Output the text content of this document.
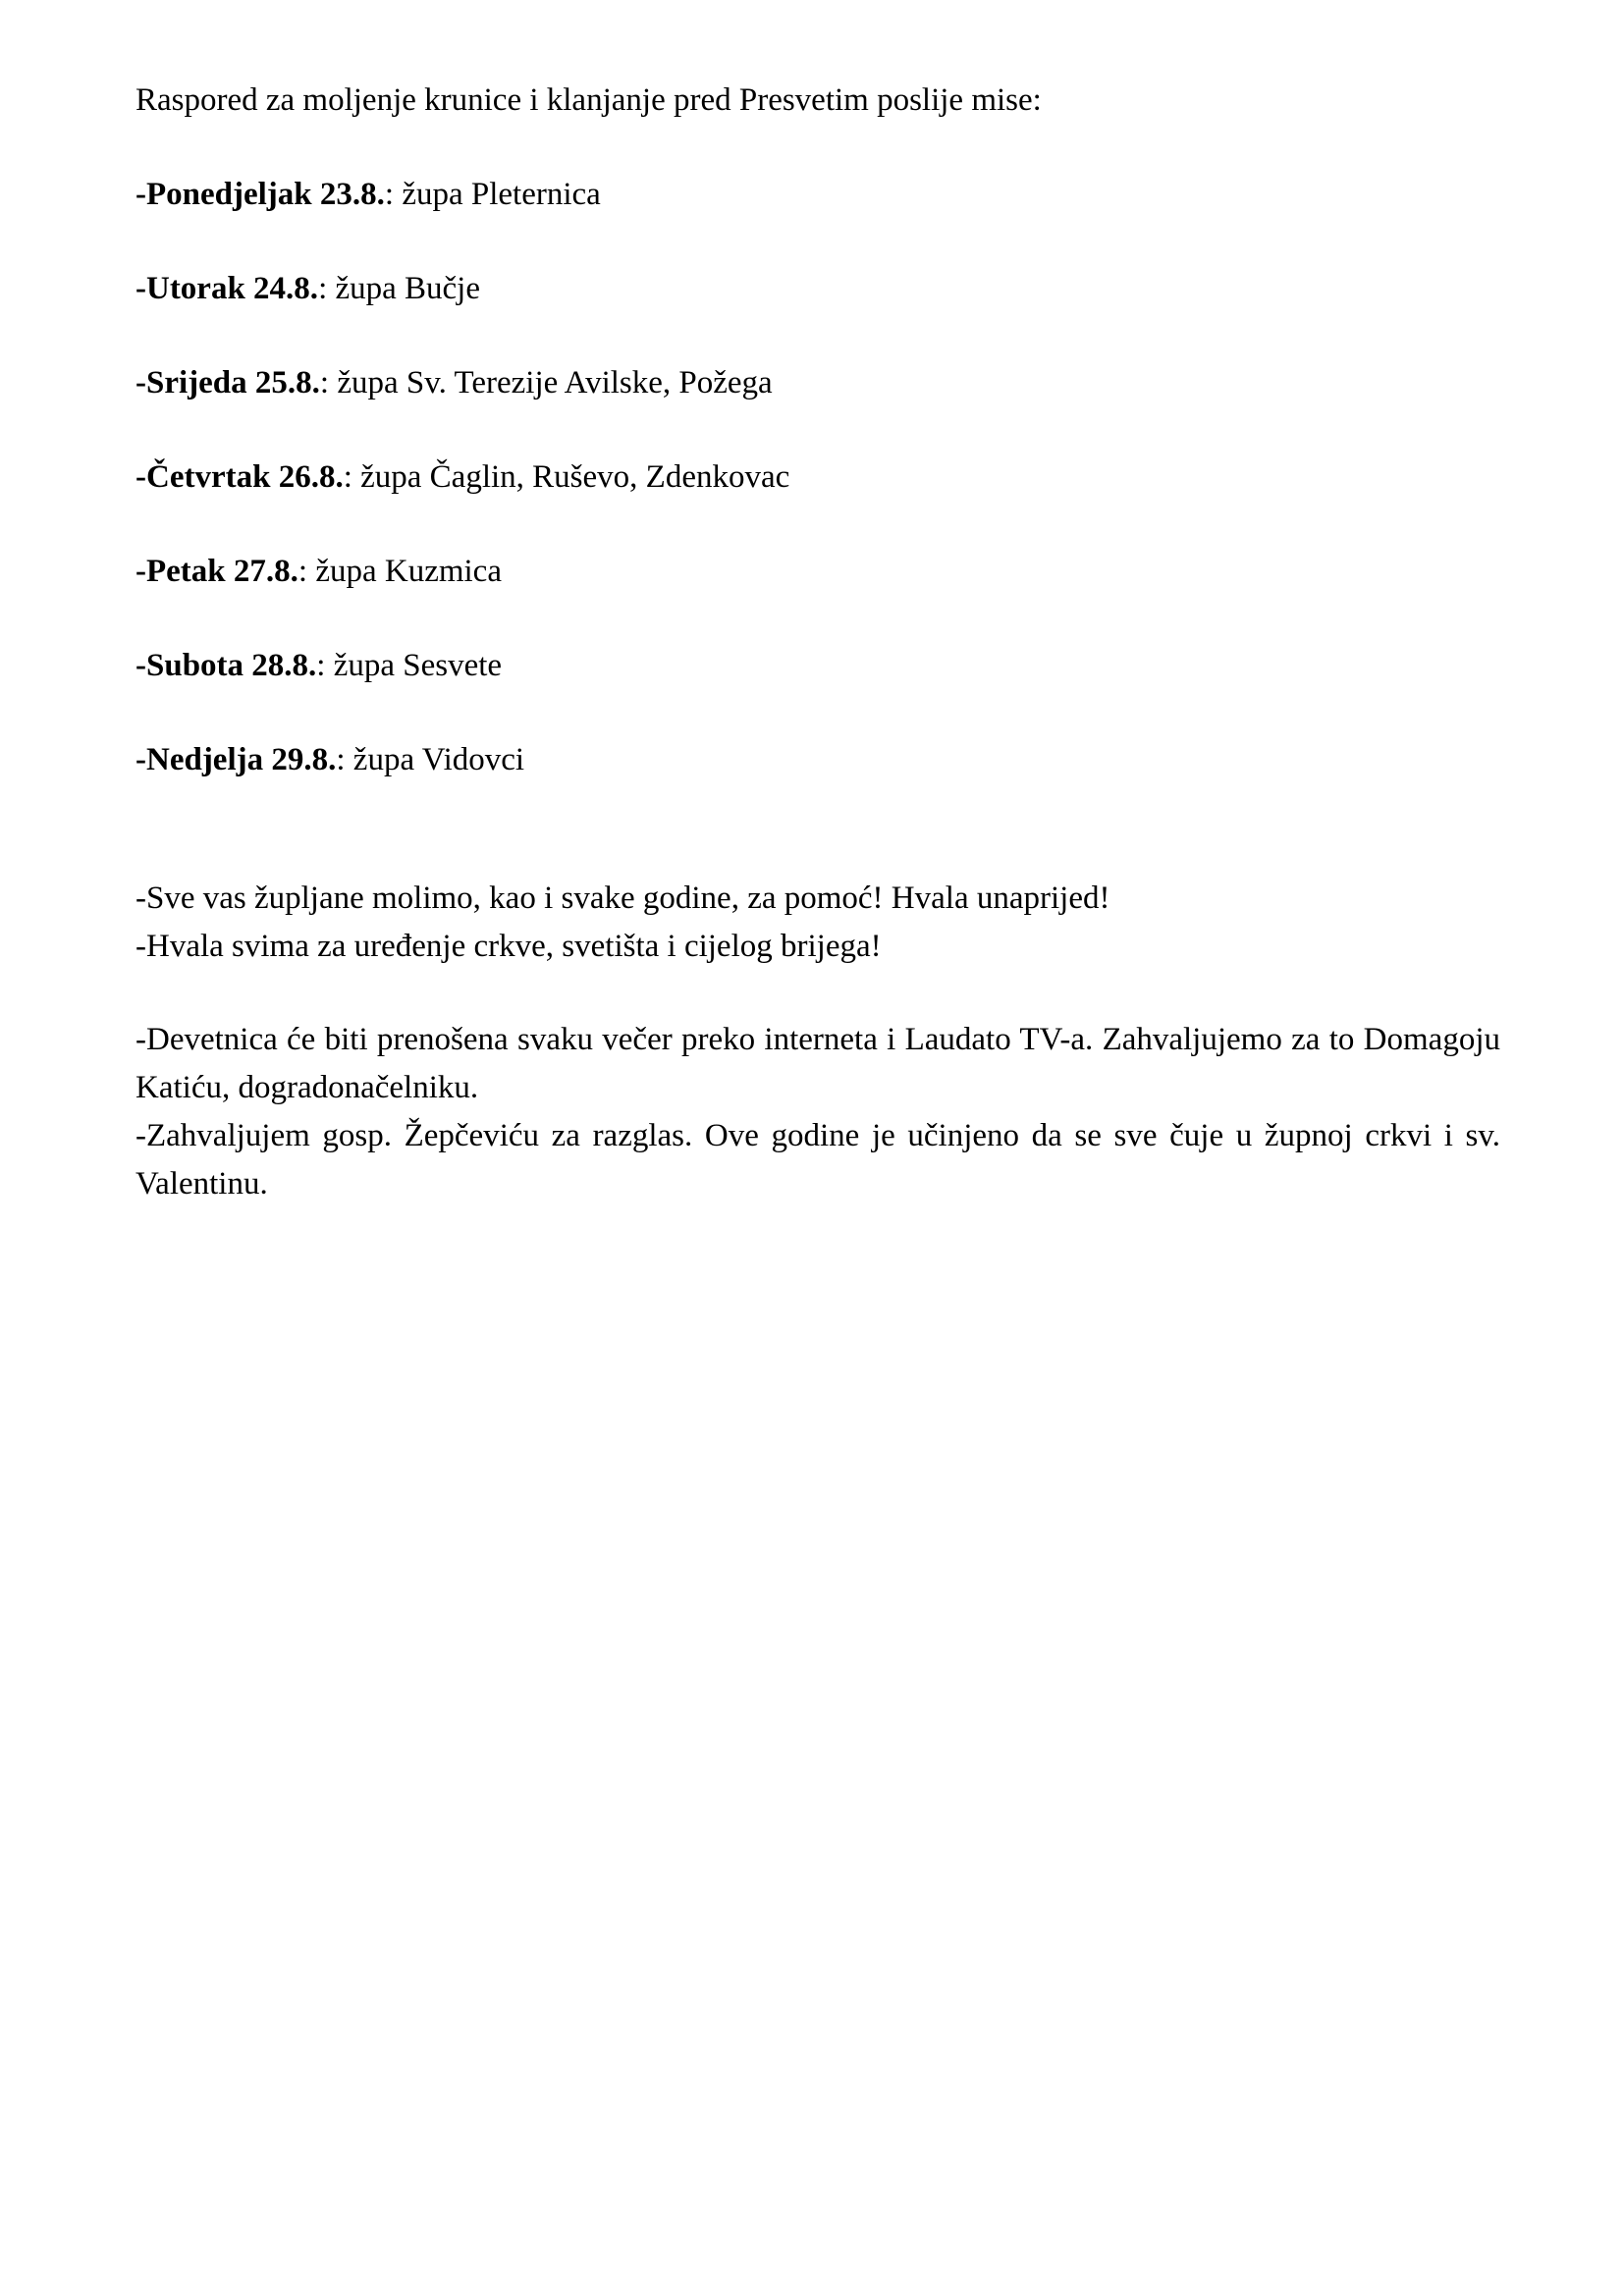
Raspored za moljenje krunice i klanjanje pred Presvetim poslije mise:
-Ponedjeljak 23.8.: župa Pleternica
-Utorak 24.8.: župa Bučje
-Srijeda 25.8.: župa Sv. Terezije Avilske, Požega
-Četvrtak 26.8.: župa Čaglin, Ruševo, Zdenkovac
-Petak 27.8.: župa Kuzmica
-Subota 28.8.: župa Sesvete
-Nedjelja 29.8.: župa Vidovci

-Sve vas župljane molimo, kao i svake godine, za pomoć! Hvala unaprijed!

-Hvala svima za uređenje crkve, svetišta i cijelog brijega!

-Devetnica će biti prenošena svaku večer preko interneta i Laudato TV-a. Zahvaljujemo za to Domagoju Katiću, dogradonačelniku.

-Zahvaljujem gosp. Žepčeviću za razglas. Ove godine je učinjeno da se sve čuje u župnoj crkvi i sv. Valentinu.
